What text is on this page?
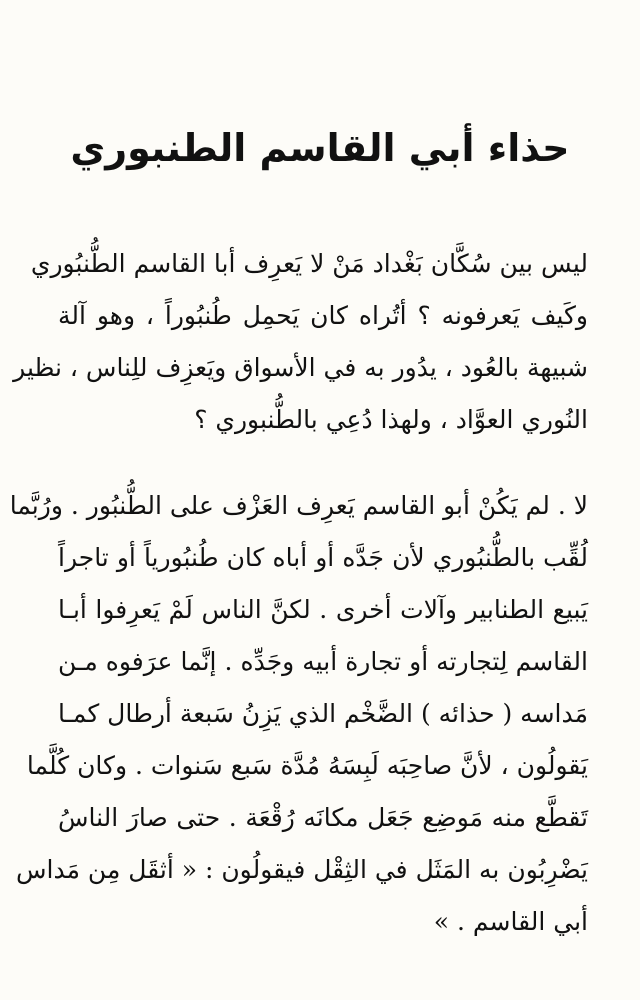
حذاء أبي القاسم الطنبوري
ليس بين سُكَّان بَغْداد مَنْ لا يَعرِف أبا القاسم الطُّنبُوري
وكَيف يَعرفونه ؟ أتُراه كان يَحمِل طُنبُوراً ، وهو آلة
شبيهة بالعُود ، يدُور به في الأسواق ويَعزِف للِناس ، نظير
النُوري العوَّاد ، ولهذا دُعِي بالطُّنبوري ؟
لا . لم يَكُنْ أبو القاسم يَعرِف العَزْف على الطُّنبُور . ورُبَّما
لُقِّب بالطُّنبُوري لأن جَدَّه أو أباه كان طُنبُورياً أو تاجراً
يَبيع الطنابير وآلات أخرى . لكنَّ الناس لَمْ يَعرِفوا أبـا
القاسم لِتجارته أو تجارة أبيه وجَدِّه . إنَّما عرَفوه مـن
مَداسه ( حذائه ) الضَّخْم الذي يَزِنُ سَبعة أرطال كمـا
يَقولُون ، لأنَّ صاحِبَه لَبِسَهُ مُدَّة سَبع سَنوات . وكان كُلَّما
تَقطَّع منه مَوضِع جَعَل مكانَه رُقْعَة . حتى صارَ الناسُ
يَضْرِبُون به المَثَل في الثِقْل فيقولُون : « أثقَل مِن مَداس
أبي القاسم . »
